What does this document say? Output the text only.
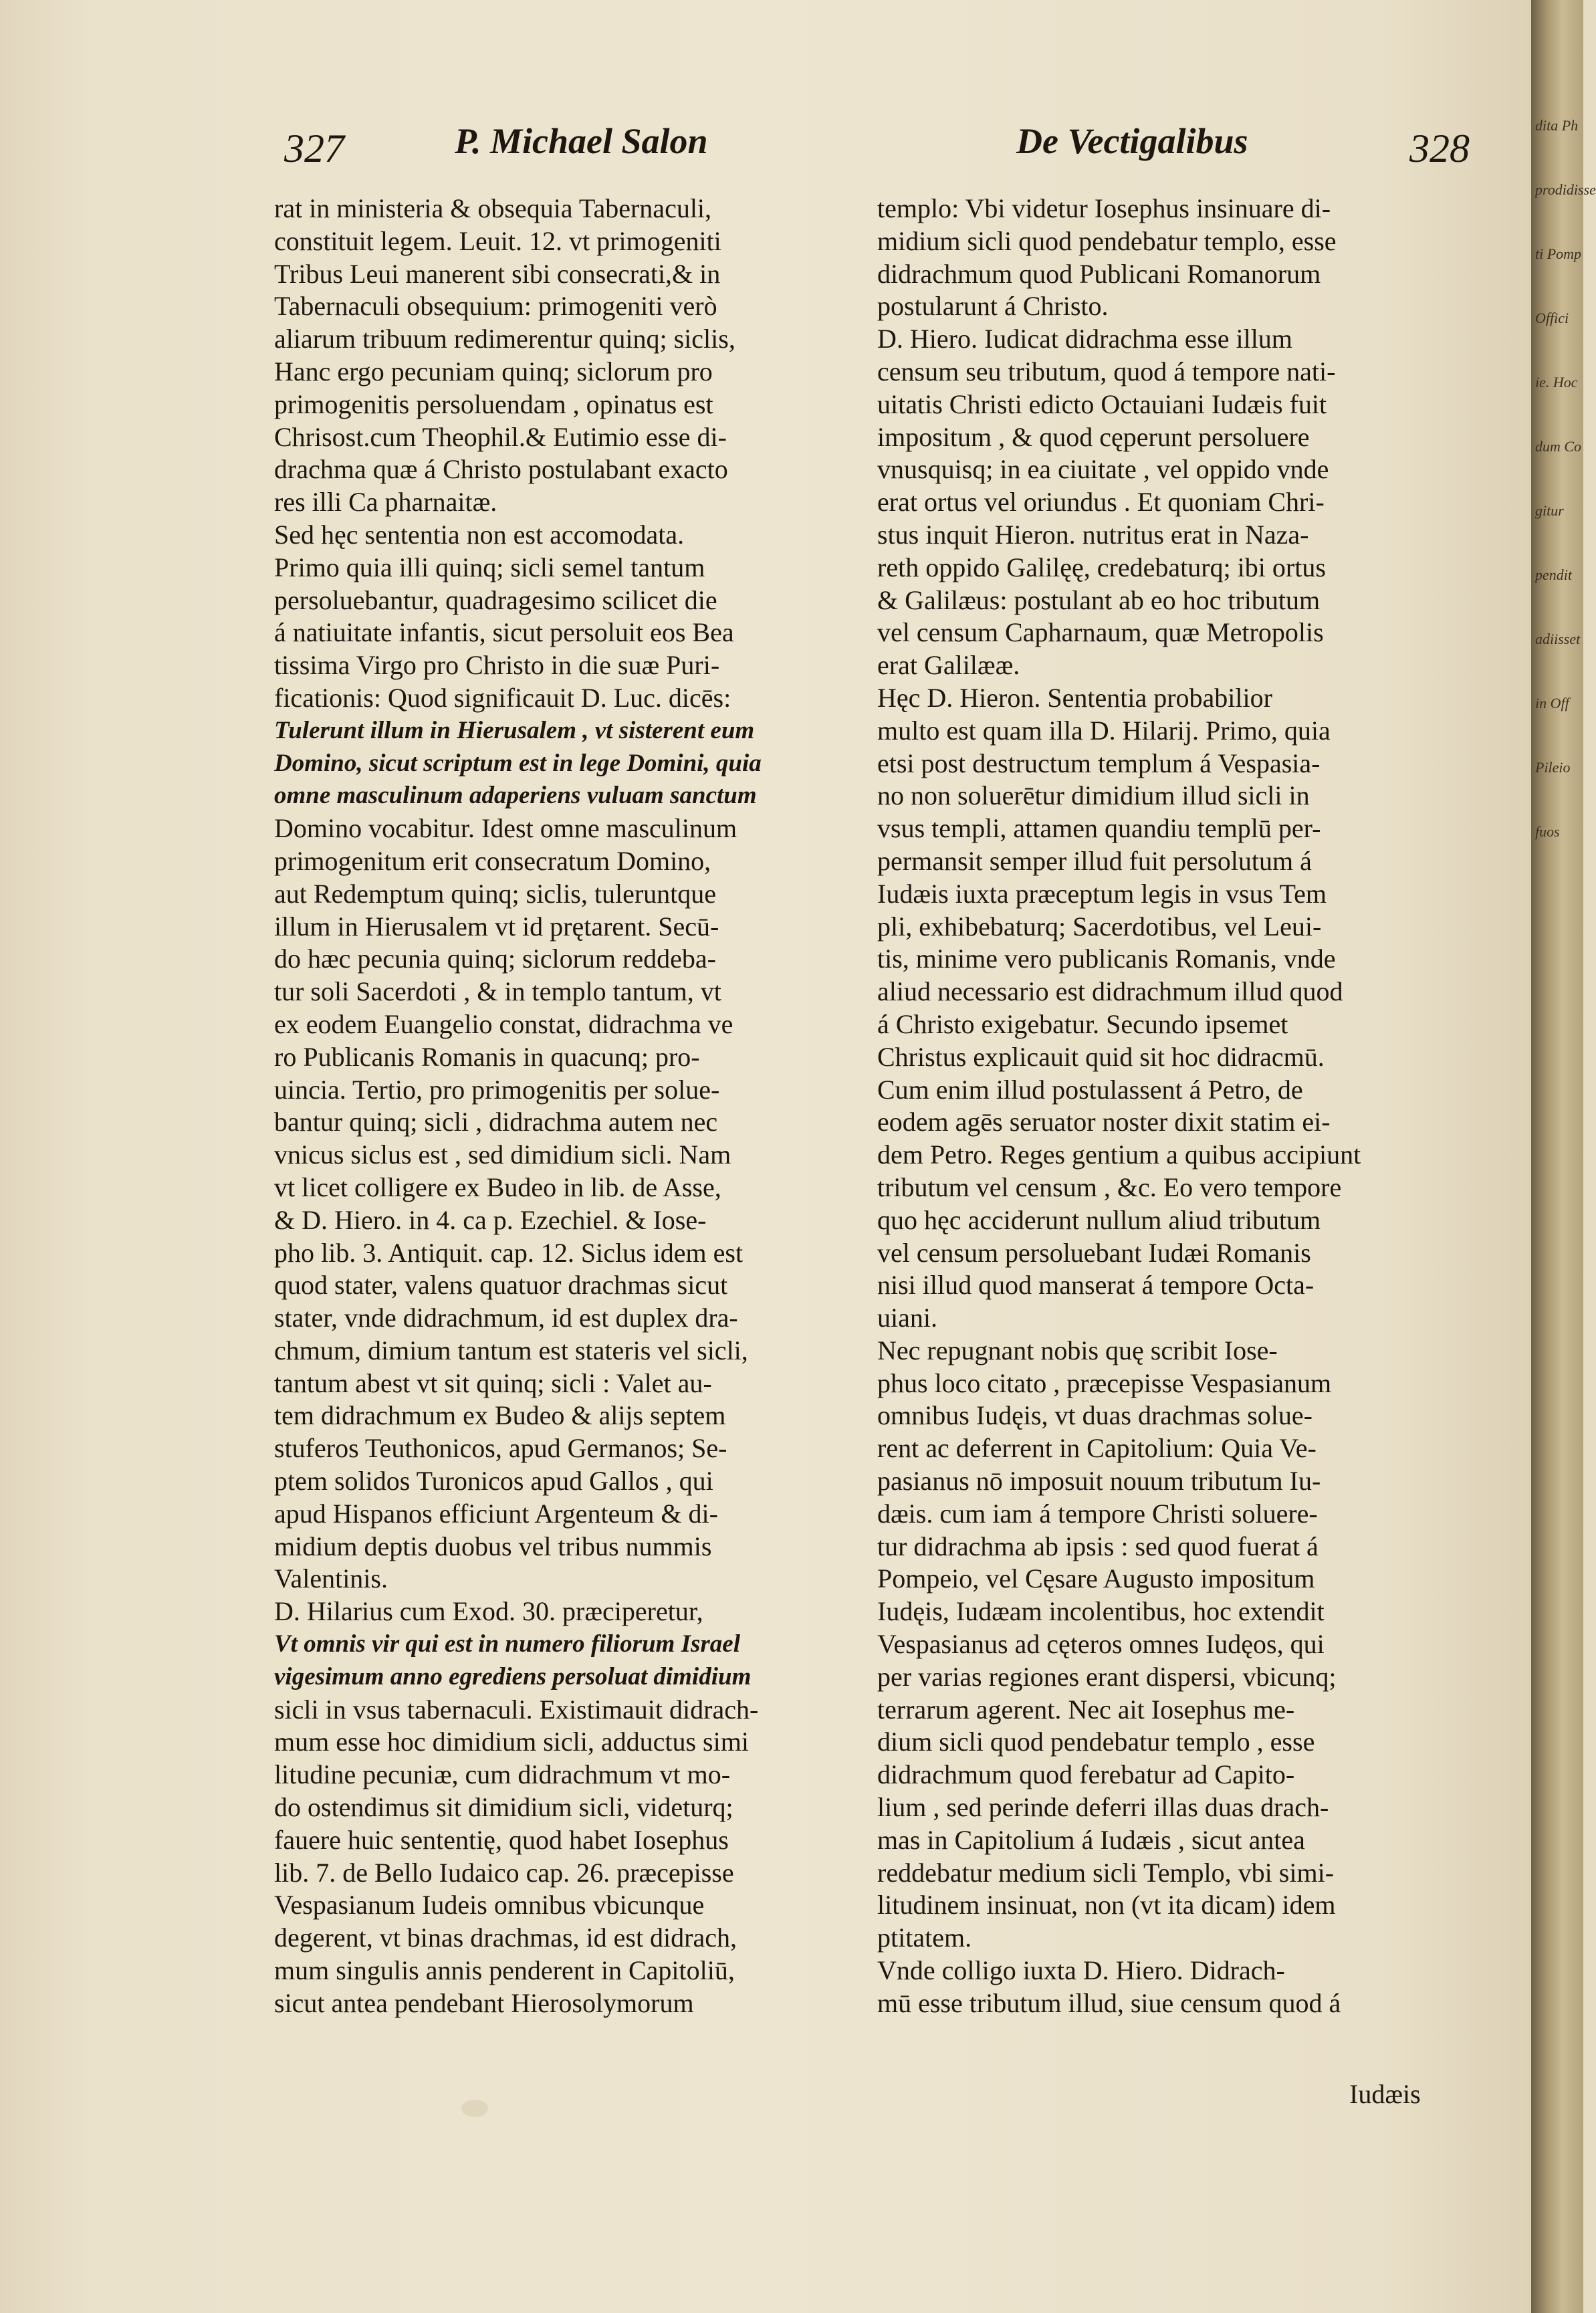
327	P. Michael Salon	De Vectigalibus	328
rat in ministeria & obsequia Tabernaculi,
constituit legem. Leuit. 12. vt primogeniti
Tribus Leui manerent sibi consecrati,& in
Tabernaculi obsequium: primogeniti verò
aliarum tribuum redimerentur quinq; siclis,
Hanc ergo pecuniam quinq; siclorum pro
primogenitis persoluendam , opinatus est
Chrisost.cum Theophil.& Eutimio esse di-
drachma quæ á Christo postulabant exacto
res illi Ca pharnaitæ.
Sed hęc sententia non est accomodata.
Primo quia illi quinq; sicli semel tantum
persoluebantur, quadragesimo scilicet die
á natiuitate infantis, sicut persoluit eos Bea
tissima Virgo pro Christo in die suæ Puri-
ficationis: Quod significauit D. Luc. dicēs:
Tulerunt illum in Hierusalem , vt sisterent eum
Domino, sicut scriptum est in lege Domini, quia
omne masculinum adaperiens vuluam sanctum
Domino vocabitur. Idest omne masculinum
primogenitum erit consecratum Domino,
aut Redemptum quinq; siclis, tuleruntque
illum in Hierusalem vt id prętarent. Secū-
do hæc pecunia quinq; siclorum reddeba-
tur soli Sacerdoti , & in templo tantum, vt
ex eodem Euangelio constat, didrachma ve
ro Publicanis Romanis in quacunq; pro-
uincia. Tertio, pro primogenitis per solue-
bantur quinq; sicli , didrachma autem nec
vnicus siclus est , sed dimidium sicli. Nam
vt licet colligere ex Budeo in lib. de Asse,
& D. Hiero. in 4. ca p. Ezechiel. & Iose-
pho lib. 3. Antiquit. cap. 12. Siclus idem est
quod stater, valens quatuor drachmas sicut
stater, vnde didrachmum, id est duplex dra-
chmum, dimium tantum est stateris vel sicli,
tantum abest vt sit quinq; sicli : Valet au-
tem didrachmum ex Budeo & alijs septem
stuferos Teuthonicos, apud Germanos; Se-
ptem solidos Turonicos apud Gallos , qui
apud Hispanos efficiunt Argenteum & di-
midium deptis duobus vel tribus nummis
Valentinis.
D. Hilarius cum Exod. 30. præciperetur,
Vt omnis vir qui est in numero filiorum Israel
vigesimum anno egrediens persoluat dimidium
sicli in vsus tabernaculi. Existimauit didrach-
mum esse hoc dimidium sicli, adductus simi
litudine pecuniæ, cum didrachmum vt mo-
do ostendimus sit dimidium sicli, videturq;
fauere huic sententię, quod habet Iosephus
lib. 7. de Bello Iudaico cap. 26. præcepisse
Vespasianum Iudeis omnibus vbicunque
degerent, vt binas drachmas, id est didrach,
mum singulis annis penderent in Capitoliū,
sicut antea pendebant Hierosolymorum
templo: Vbi videtur Iosephus insinuare di-
midium sicli quod pendebatur templo, esse
didrachmum quod Publicani Romanorum
postularunt á Christo.
D. Hiero. Iudicat didrachma esse illum
censum seu tributum, quod á tempore nati-
uitatis Christi edicto Octauiani Iudæis fuit
impositum , & quod cęperunt persoluere
vnusquisq; in ea ciuitate , vel oppido vnde
erat ortus vel oriundus . Et quoniam Chri-
stus inquit Hieron. nutritus erat in Naza-
reth oppido Galilęę, credebaturq; ibi ortus
& Galilæus: postulant ab eo hoc tributum
vel censum Capharnaum, quæ Metropolis
erat Galilææ.
Hęc D. Hieron. Sententia probabilior
multo est quam illa D. Hilarij. Primo, quia
etsi post destructum templum á Vespasia-
no non soluerētur dimidium illud sicli in
vsus templi, attamen quandiu templū per-
permansit semper illud fuit persolutum á
Iudæis iuxta præceptum legis in vsus Tem
pli, exhibebaturq; Sacerdotibus, vel Leui-
tis, minime vero publicanis Romanis, vnde
aliud necessario est didrachmum illud quod
á Christo exigebatur. Secundo ipsemet
Christus explicauit quid sit hoc didracmū.
Cum enim illud postulassent á Petro, de
eodem agēs seruator noster dixit statim ei-
dem Petro. Reges gentium a quibus accipiunt
tributum vel censum , &c. Eo vero tempore
quo hęc acciderunt nullum aliud tributum
vel censum persoluebant Iudæi Romanis
nisi illud quod manserat á tempore Octa-
uiani.
Nec repugnant nobis quę scribit Iose-
phus loco citato , præcepisse Vespasianum
omnibus Iudęis, vt duas drachmas solue-
rent ac deferrent in Capitolium: Quia Ve-
pasianus nō imposuit nouum tributum Iu-
dæis. cum iam á tempore Christi soluere-
tur didrachma ab ipsis : sed quod fuerat á
Pompeio, vel Cęsare Augusto impositum
Iudęis, Iudæam incolentibus, hoc extendit
Vespasianus ad cęteros omnes Iudęos, qui
per varias regiones erant dispersi, vbicunq;
terrarum agerent. Nec ait Iosephus me-
dium sicli quod pendebatur templo , esse
didrachmum quod ferebatur ad Capito-
lium , sed perinde deferri illas duas drach-
mas in Capitolium á Iudæis , sicut antea
reddebatur medium sicli Templo, vbi simi-
litudinem insinuat, non (vt ita dicam) idem
ptitatem.
Vnde colligo iuxta D. Hiero. Didrach-
mū esse tributum illud, siue censum quod á
Iudæis
dita Ph
prodidisse
ti Pomp
Offici
ie. Hoc
dum Co
gitur
pendit
adiisset
in Off
Pileio
fuos
